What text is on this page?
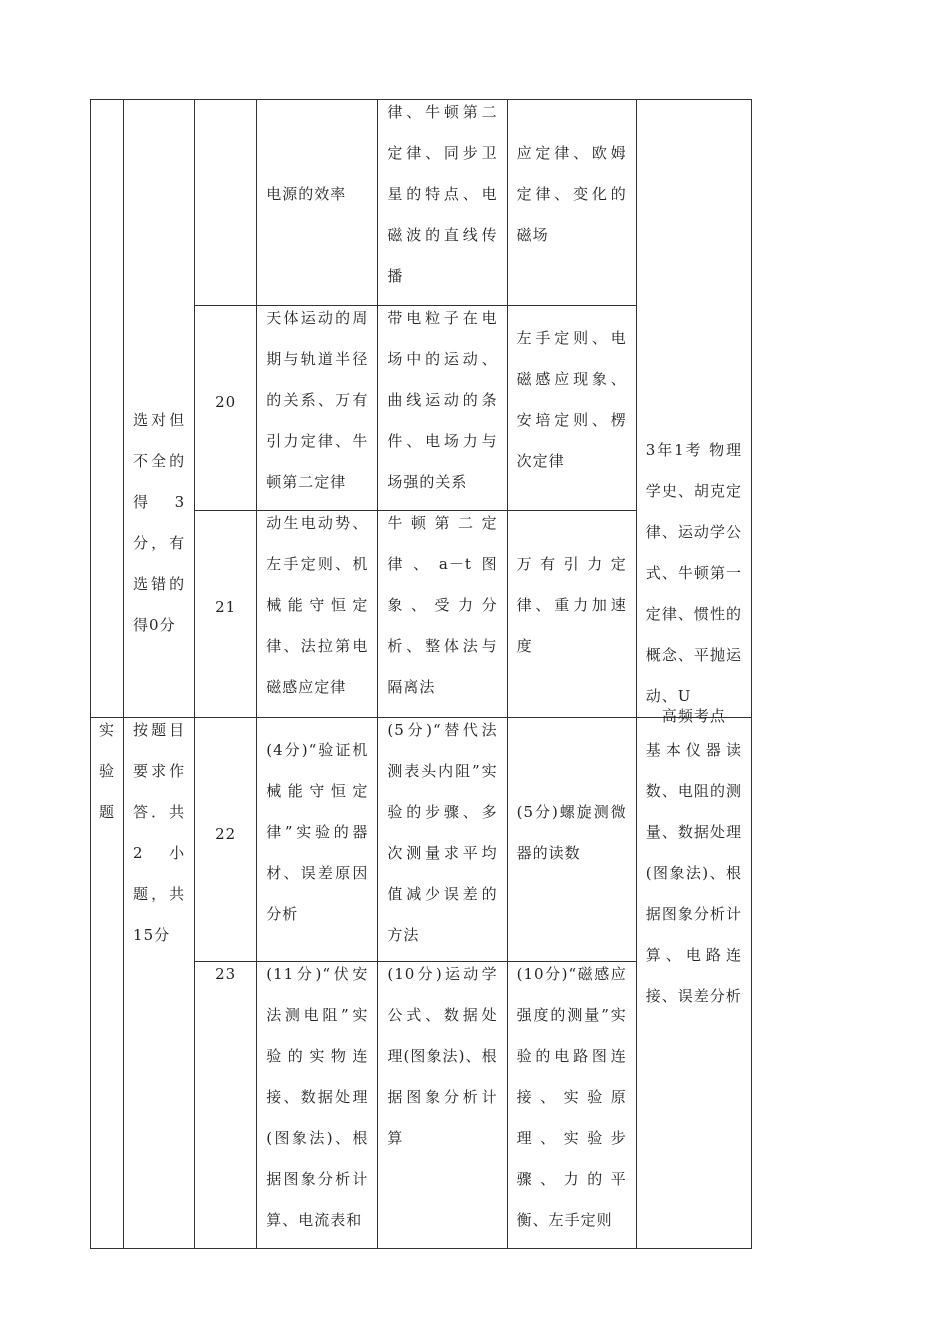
	选对但不全的得3分，有选错的得0分		电源的效率	律、牛顿第二定律、同步卫星的特点、电磁波的直线传播	应定律、欧姆定律、变化的磁场	3年1考 物理学史、胡克定律、运动学公式、牛顿第一定律、惯性的概念、平抛运动、U

		20	天体运动的周期与轨道半径的关系、万有引力定律、牛顿第二定律	带电粒子在电场中的运动、曲线运动的条件、电场力与场强的关系	左手定则、电磁感应现象、安培定则、楞次定律	

		21	动生电动势、左手定则、机械能守恒定律、法拉第电磁感应定律	牛顿第二定律、a－t图象、受力分析、整体法与隔离法	万有引力定律、重力加速度	

实验题	按题目要求作答．共2小题，共15分	22	(4分)“验证机械能守恒定律”实验的器材、误差原因分析	(5分)“替代法测表头内阻”实验的步骤、多次测量求平均值减少误差的方法	(5分)螺旋测微器的读数	高频考点
基本仪器读数、电阻的测量、数据处理(图象法)、根据图象分析计算、电路连接、误差分析

		23	(11分)“伏安法测电阻”实验的实物连接、数据处理(图象法)、根据图象分析计算、电流表和	(10分)运动学公式、数据处理(图象法)、根据图象分析计算	(10分)“磁感应强度的测量”实验的电路图连接、实验原理、实验步骤、力的平衡、左手定则	
